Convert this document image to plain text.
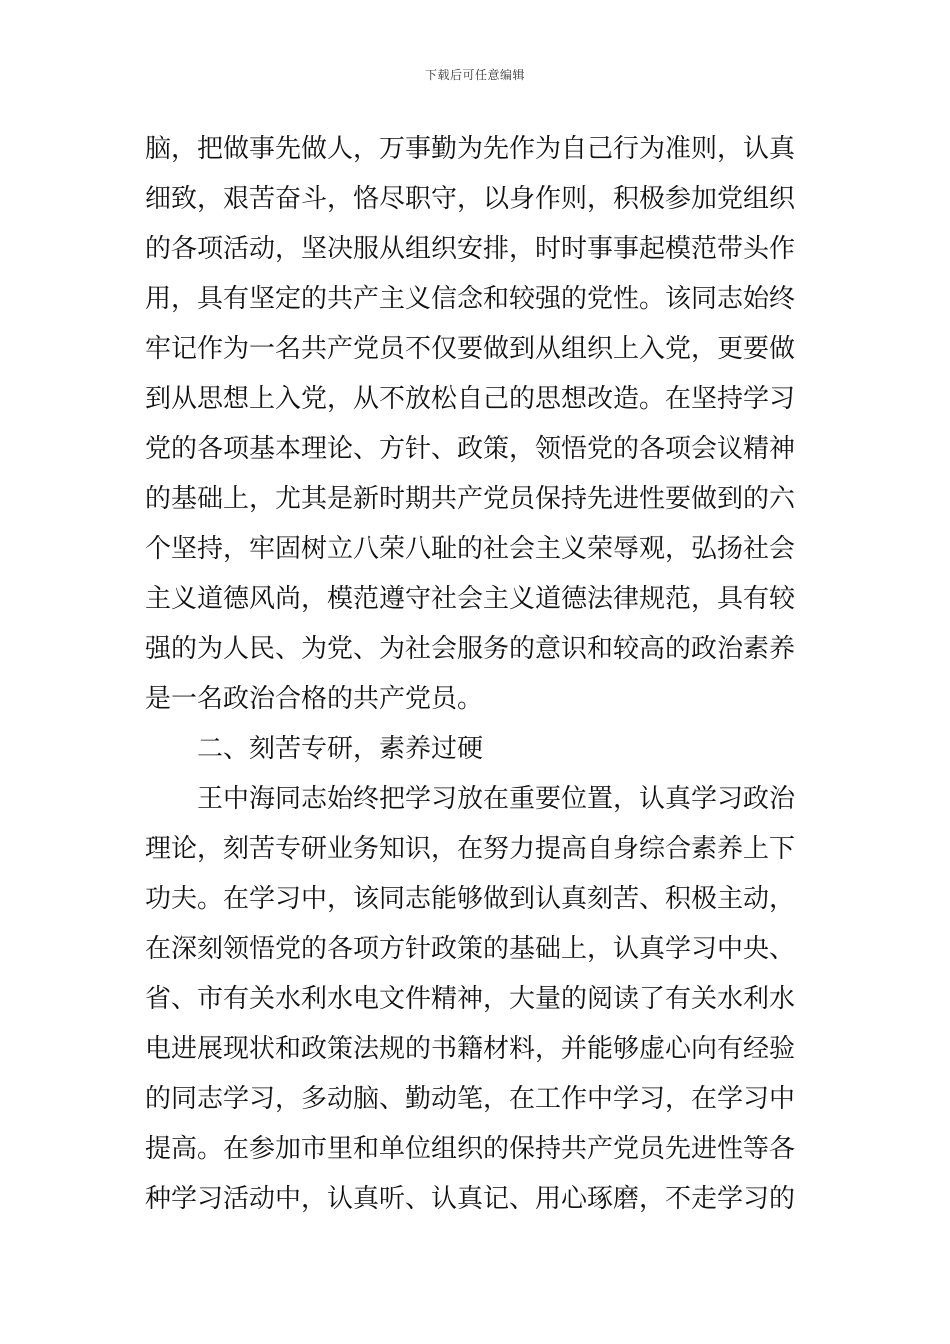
下载后可任意编辑
脑，把做事先做人，万事勤为先作为自己行为准则，认真
细致，艰苦奋斗，恪尽职守，以身作则，积极参加党组织
的各项活动，坚决服从组织安排，时时事事起模范带头作
用，具有坚定的共产主义信念和较强的党性。该同志始终
牢记作为一名共产党员不仅要做到从组织上入党，更要做
到从思想上入党，从不放松自己的思想改造。在坚持学习
党的各项基本理论、方针、政策，领悟党的各项会议精神
的基础上，尤其是新时期共产党员保持先进性要做到的六
个坚持，牢固树立八荣八耻的社会主义荣辱观，弘扬社会
主义道德风尚，模范遵守社会主义道德法律规范，具有较
强的为人民、为党、为社会服务的意识和较高的政治素养
是一名政治合格的共产党员。
二、刻苦专研，素养过硬
王中海同志始终把学习放在重要位置，认真学习政治
理论，刻苦专研业务知识，在努力提高自身综合素养上下
功夫。在学习中，该同志能够做到认真刻苦、积极主动，
在深刻领悟党的各项方针政策的基础上，认真学习中央、
省、市有关水利水电文件精神，大量的阅读了有关水利水
电进展现状和政策法规的书籍材料，并能够虚心向有经验
的同志学习，多动脑、勤动笔，在工作中学习，在学习中
提高。在参加市里和单位组织的保持共产党员先进性等各
种学习活动中，认真听、认真记、用心琢磨，不走学习的
